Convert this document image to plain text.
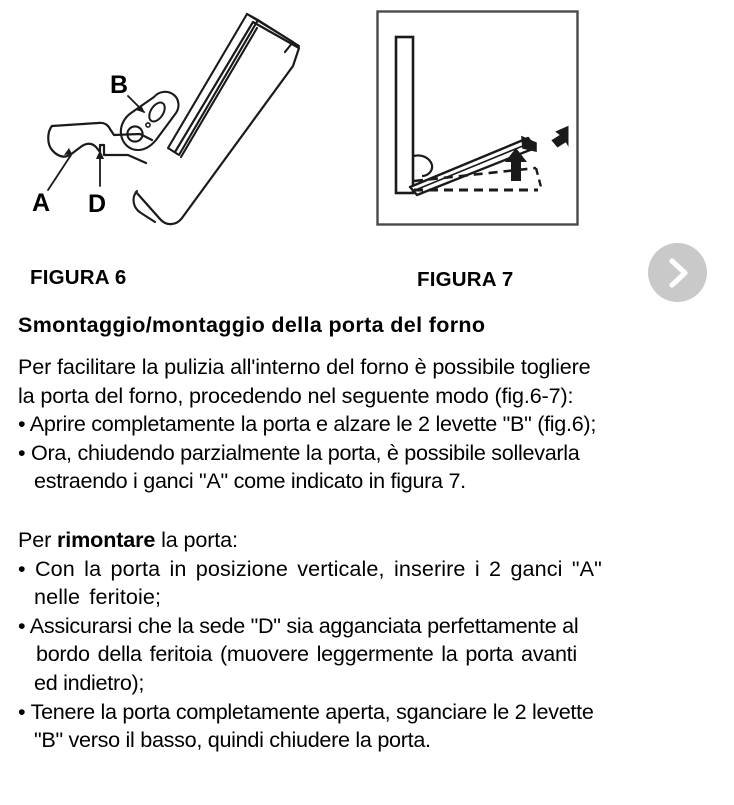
A
B
D
FIGURA 6	FIGURA 7
Smontaggio/montaggio della porta del forno

Per facilitare la pulizia all'interno del forno è possibile togliere

la porta del forno, procedendo nel seguente modo (fig.6-7):

• Aprire completamente la porta e alzare le 2 levette "B" (fig.6);

• Ora, chiudendo parzialmente la porta, è possibile sollevarla

estraendo i ganci "A" come indicato in figura 7.

Per rimontare la porta:

• Con la porta in posizione verticale, inserire i 2 ganci "A"

nelle feritoie;

• Assicurarsi che la sede "D" sia agganciata perfettamente al

bordo della feritoia (muovere leggermente la porta avanti

ed indietro);

• Tenere la porta completamente aperta, sganciare le 2 levette

"B" verso il basso, quindi chiudere la porta.
